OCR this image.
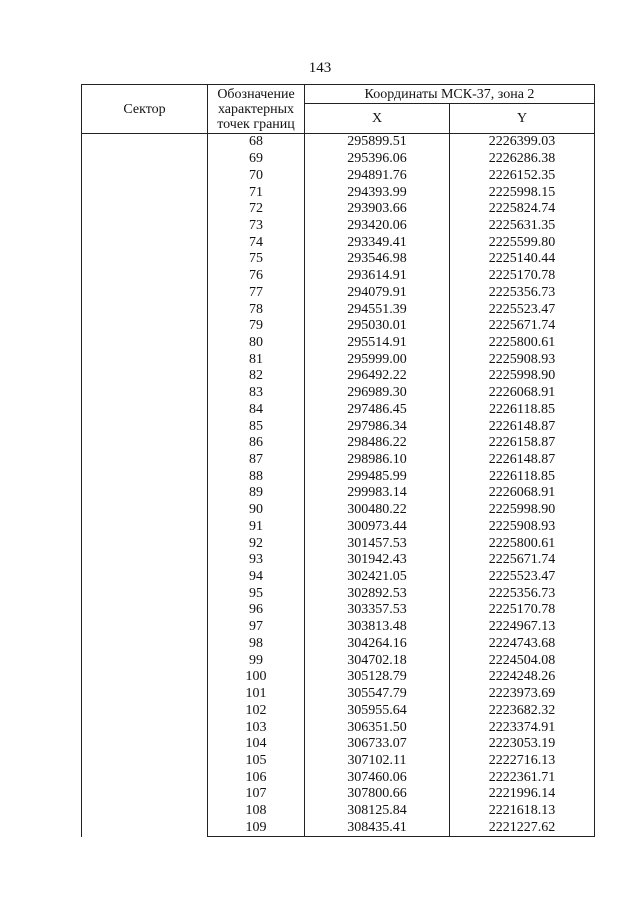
143
Сектор	Обозначение характерных точек границ	Координаты МСК-37, зона 2	
		X	Y
	68	295899.51	2226399.03
	69	295396.06	2226286.38
	70	294891.76	2226152.35
	71	294393.99	2225998.15
	72	293903.66	2225824.74
	73	293420.06	2225631.35
	74	293349.41	2225599.80
	75	293546.98	2225140.44
	76	293614.91	2225170.78
	77	294079.91	2225356.73
	78	294551.39	2225523.47
	79	295030.01	2225671.74
	80	295514.91	2225800.61
	81	295999.00	2225908.93
	82	296492.22	2225998.90
	83	296989.30	2226068.91
	84	297486.45	2226118.85
	85	297986.34	2226148.87
	86	298486.22	2226158.87
	87	298986.10	2226148.87
	88	299485.99	2226118.85
	89	299983.14	2226068.91
	90	300480.22	2225998.90
	91	300973.44	2225908.93
	92	301457.53	2225800.61
	93	301942.43	2225671.74
	94	302421.05	2225523.47
	95	302892.53	2225356.73
	96	303357.53	2225170.78
	97	303813.48	2224967.13
	98	304264.16	2224743.68
	99	304702.18	2224504.08
	100	305128.79	2224248.26
	101	305547.79	2223973.69
	102	305955.64	2223682.32
	103	306351.50	2223374.91
	104	306733.07	2223053.19
	105	307102.11	2222716.13
	106	307460.06	2222361.71
	107	307800.66	2221996.14
	108	308125.84	2221618.13
	109	308435.41	2221227.62
